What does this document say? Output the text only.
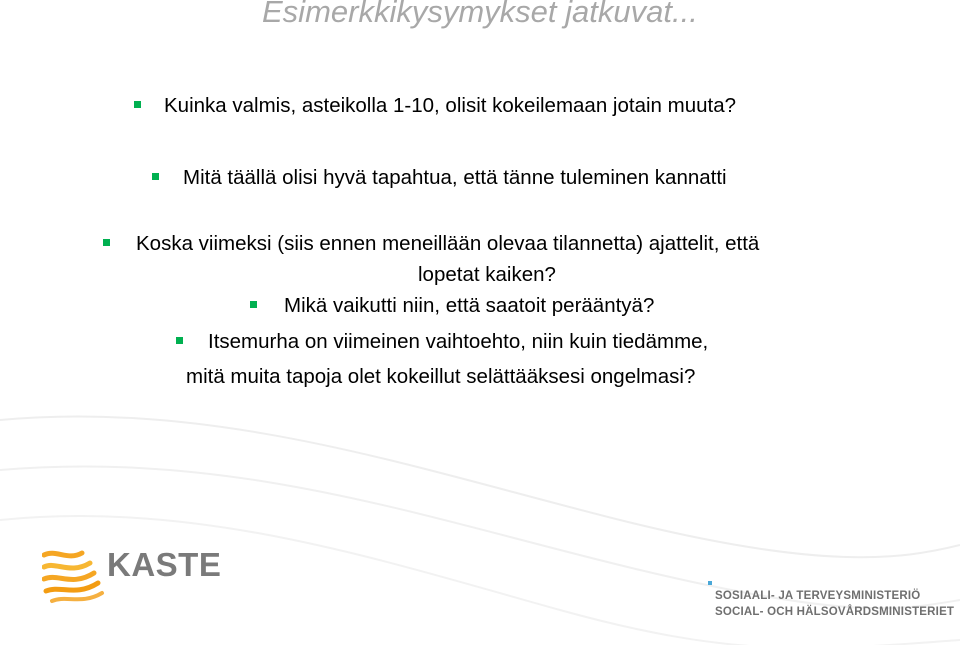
Esimerkkikysymykset jatkuvat...
Kuinka valmis, asteikolla 1-10, olisit kokeilemaan jotain muuta?
Mitä täällä olisi hyvä tapahtua, että tänne tuleminen kannatti
Koska viimeksi (siis ennen meneillään olevaa tilannetta) ajattelit, että
lopetat kaiken?
Mikä vaikutti niin, että saatoit perääntyä?
Itsemurha on viimeinen vaihtoehto, niin kuin tiedämme,
mitä muita tapoja olet kokeillut selättääksesi ongelmasi?
KASTE
SOSIAALI- JA TERVEYSMINISTERIÖ
SOCIAL- OCH HÄLSOVÅRDSMINISTERIET
